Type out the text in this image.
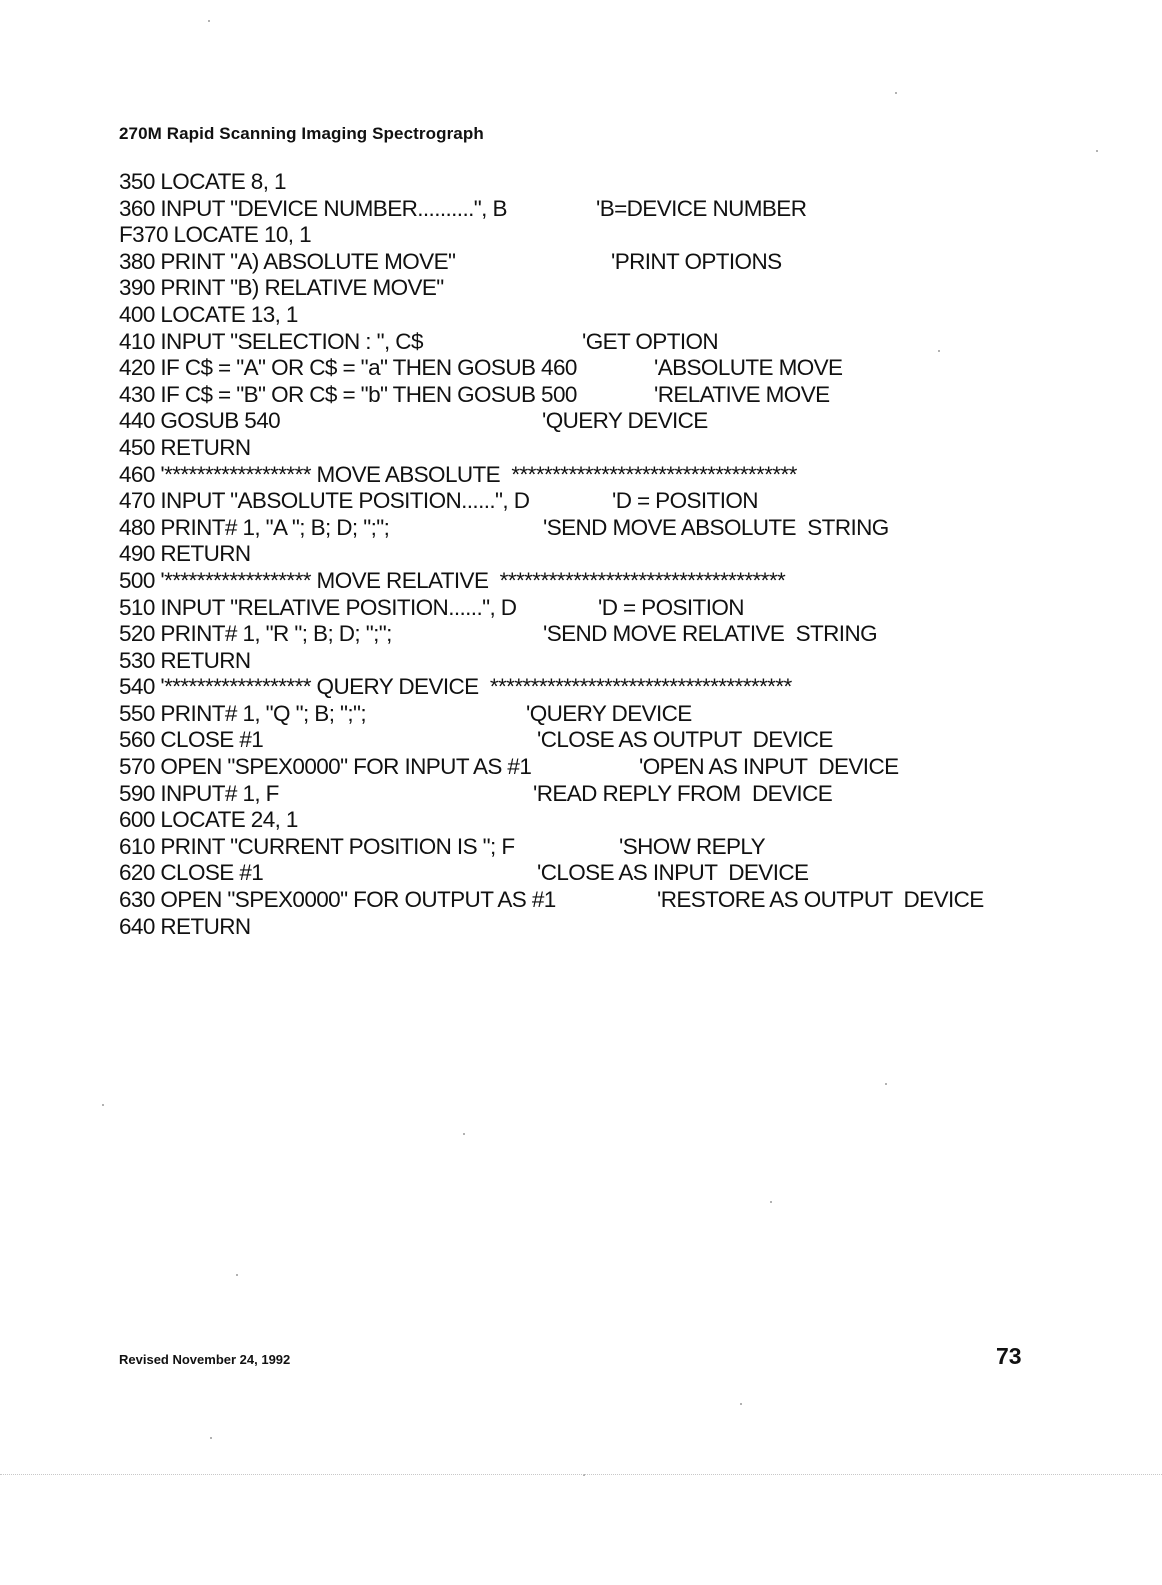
270M Rapid Scanning Imaging Spectrograph

350 LOCATE 8, 1

360 INPUT "DEVICE NUMBER..........", B

	'B=DEVICE NUMBER

F370 LOCATE 10, 1

380 PRINT "A) ABSOLUTE MOVE"

	'PRINT OPTIONS

390 PRINT "B) RELATIVE MOVE"

400 LOCATE 13, 1

410 INPUT "SELECTION : ", C$

	'GET OPTION

420 IF C$ = "A" OR C$ = "a" THEN GOSUB 460

	'ABSOLUTE MOVE

430 IF C$ = "B" OR C$ = "b" THEN GOSUB 500

	'RELATIVE MOVE

440 GOSUB 540

	'QUERY DEVICE

450 RETURN

460 '****************** MOVE ABSOLUTE  ***********************************

470 INPUT "ABSOLUTE POSITION......", D

	'D = POSITION

480 PRINT# 1, "A "; B; D; ";";

	'SEND MOVE ABSOLUTE  STRING

490 RETURN

500 '****************** MOVE RELATIVE  ***********************************

510 INPUT "RELATIVE POSITION......", D

	'D = POSITION

520 PRINT# 1, "R "; B; D; ";";

	'SEND MOVE RELATIVE  STRING

530 RETURN

540 '****************** QUERY DEVICE  *************************************

550 PRINT# 1, "Q "; B; ";";

	'QUERY DEVICE

560 CLOSE #1

	'CLOSE AS OUTPUT  DEVICE

570 OPEN "SPEX0000" FOR INPUT AS #1

	'OPEN AS INPUT  DEVICE

590 INPUT# 1, F

	'READ REPLY FROM  DEVICE

600 LOCATE 24, 1

610 PRINT "CURRENT POSITION IS "; F

	'SHOW REPLY

620 CLOSE #1

	'CLOSE AS INPUT  DEVICE

630 OPEN "SPEX0000" FOR OUTPUT AS #1

	'RESTORE AS OUTPUT  DEVICE

640 RETURN

Revised November 24, 1992	73
